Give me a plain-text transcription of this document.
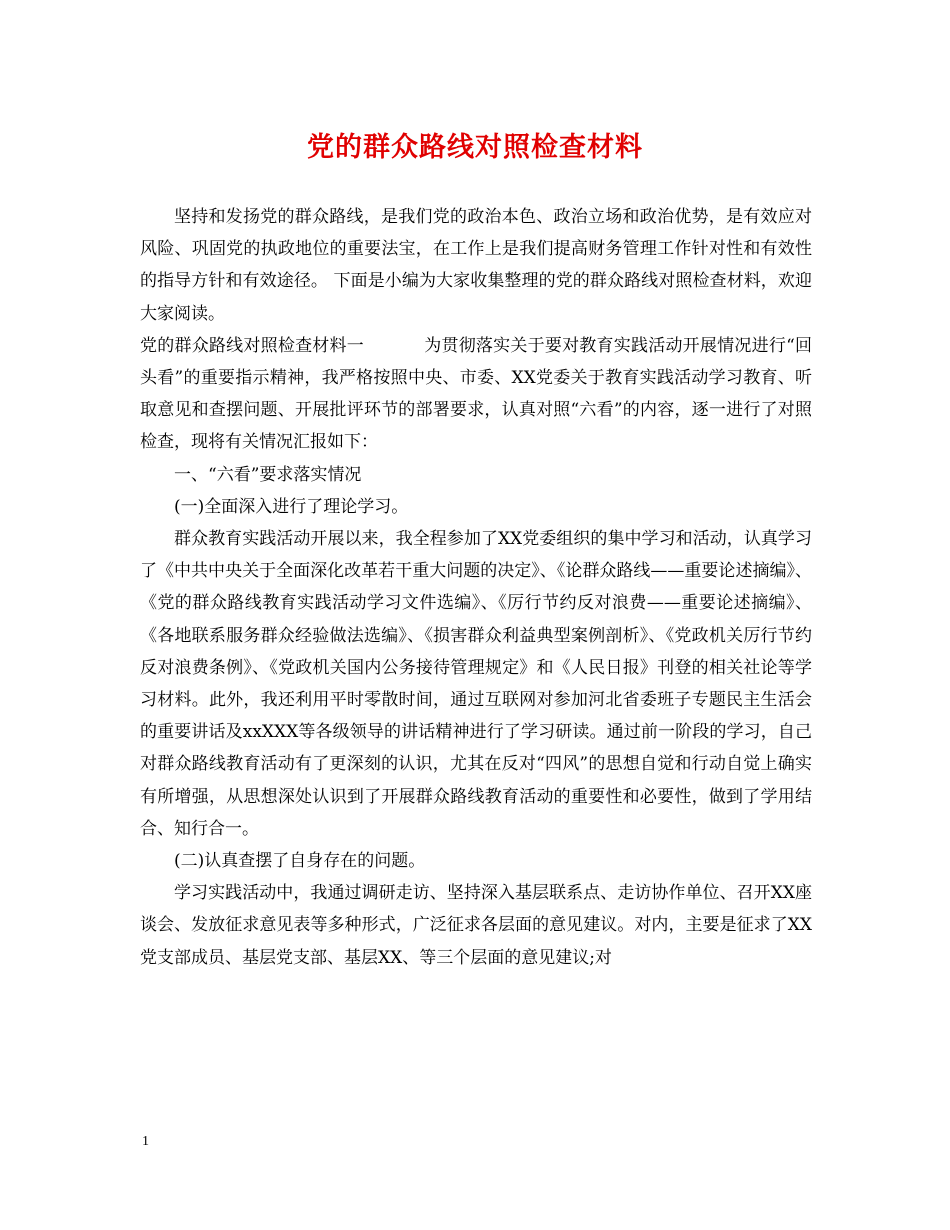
党的群众路线对照检查材料

坚持和发扬党的群众路线，是我们党的政治本色、政治立场和政治优势，是有效应对风险、巩固党的执政地位的重要法宝，在工作上是我们提高财务管理工作针对性和有效性的指导方针和有效途径。 下面是小编为大家收集整理的党的群众路线对照检查材料，欢迎大家阅读。

党的群众路线对照检查材料一	为贯彻落实关于要对教育实践活动开展情况进行“回头看”的重要指示精神，我严格按照中央、市委、XX党委关于教育实践活动学习教育、听取意见和查摆问题、开展批评环节的部署要求，认真对照“六看”的内容，逐一进行了对照检查，现将有关情况汇报如下：

一、“六看”要求落实情况

(一)全面深入进行了理论学习。

群众教育实践活动开展以来，我全程参加了XX党委组织的集中学习和活动，认真学习了《中共中央关于全面深化改革若干重大问题的决定》、《论群众路线——重要论述摘编》、《党的群众路线教育实践活动学习文件选编》、《厉行节约反对浪费——重要论述摘编》、《各地联系服务群众经验做法选编》、《损害群众利益典型案例剖析》、《党政机关厉行节约反对浪费条例》、《党政机关国内公务接待管理规定》和《人民日报》刊登的相关社论等学习材料。此外，我还利用平时零散时间，通过互联网对参加河北省委班子专题民主生活会的重要讲话及xxXXX等各级领导的讲话精神进行了学习研读。通过前一阶段的学习，自己对群众路线教育活动有了更深刻的认识，尤其在反对“四风”的思想自觉和行动自觉上确实有所增强，从思想深处认识到了开展群众路线教育活动的重要性和必要性，做到了学用结合、知行合一。

(二)认真查摆了自身存在的问题。

学习实践活动中，我通过调研走访、坚持深入基层联系点、走访协作单位、召开XX座谈会、发放征求意见表等多种形式，广泛征求各层面的意见建议。对内，主要是征求了XX党支部成员、基层党支部、基层XX、等三个层面的意见建议;对

1
